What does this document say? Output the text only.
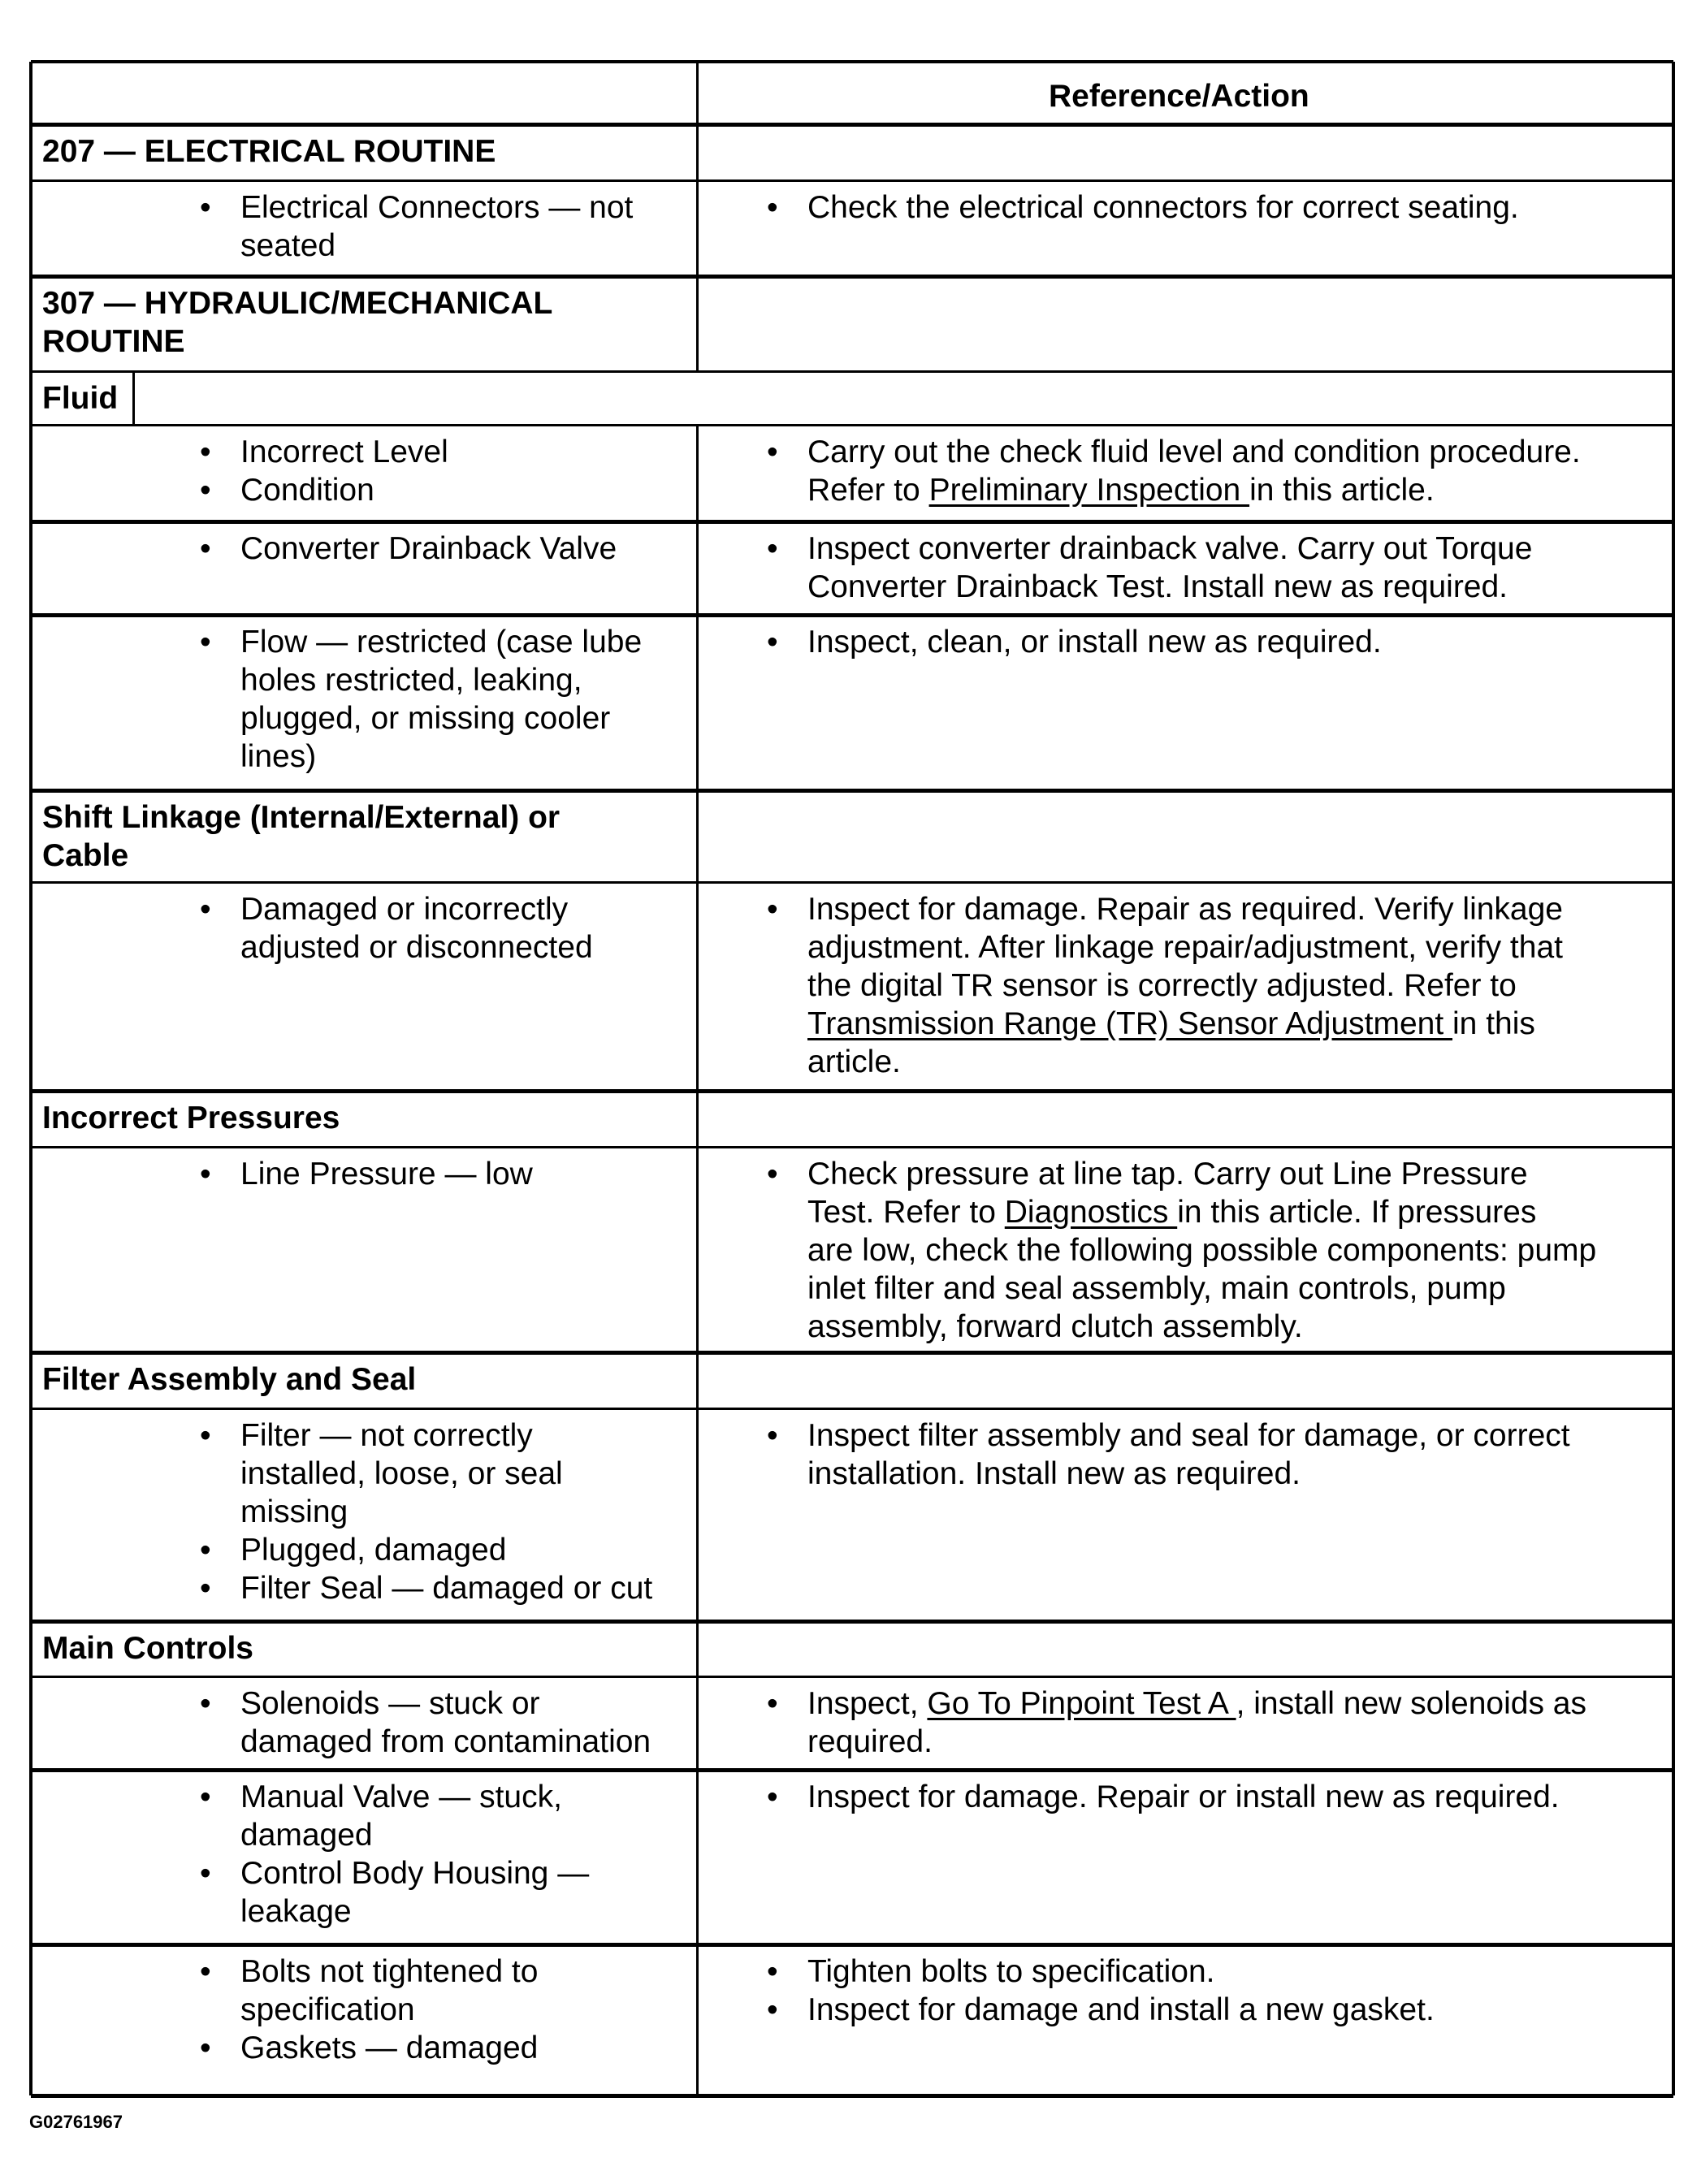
Reference/Action
G02761967
207 — ELECTRICAL ROUTINE
• Electrical Connectors — not
seated
• Check the electrical connectors for correct seating.
307 — HYDRAULIC/MECHANICAL
ROUTINE
Fluid
• Incorrect Level
• Condition
• Carry out the check fluid level and condition procedure.
Refer to Preliminary Inspection in this article.
• Converter Drainback Valve	• Inspect converter drainback valve. Carry out Torque
Converter Drainback Test. Install new as required.
• Flow — restricted (case lube
holes restricted, leaking,
plugged, or missing cooler
lines)
• Inspect, clean, or install new as required.
Shift Linkage (Internal/External) or
Cable
• Damaged or incorrectly
adjusted or disconnected
• Inspect for damage. Repair as required. Verify linkage
adjustment. After linkage repair/adjustment, verify that
the digital TR sensor is correctly adjusted. Refer to
Transmission Range (TR) Sensor Adjustment in this
article.
Incorrect Pressures
• Line Pressure — low	• Check pressure at line tap. Carry out Line Pressure
Test. Refer to Diagnostics in this article. If pressures
are low, check the following possible components: pump
inlet filter and seal assembly, main controls, pump
assembly, forward clutch assembly.
Filter Assembly and Seal
• Filter — not correctly
installed, loose, or seal
missing
• Plugged, damaged
• Filter Seal — damaged or cut
• Inspect filter assembly and seal for damage, or correct
installation. Install new as required.
Main Controls
• Solenoids — stuck or
damaged from contamination
• Inspect, Go To Pinpoint Test A , install new solenoids as
required.
• Manual Valve — stuck,
damaged
• Control Body Housing —
leakage
• Inspect for damage. Repair or install new as required.
• Bolts not tightened to
specification
• Gaskets — damaged
• Tighten bolts to specification.
• Inspect for damage and install a new gasket.
